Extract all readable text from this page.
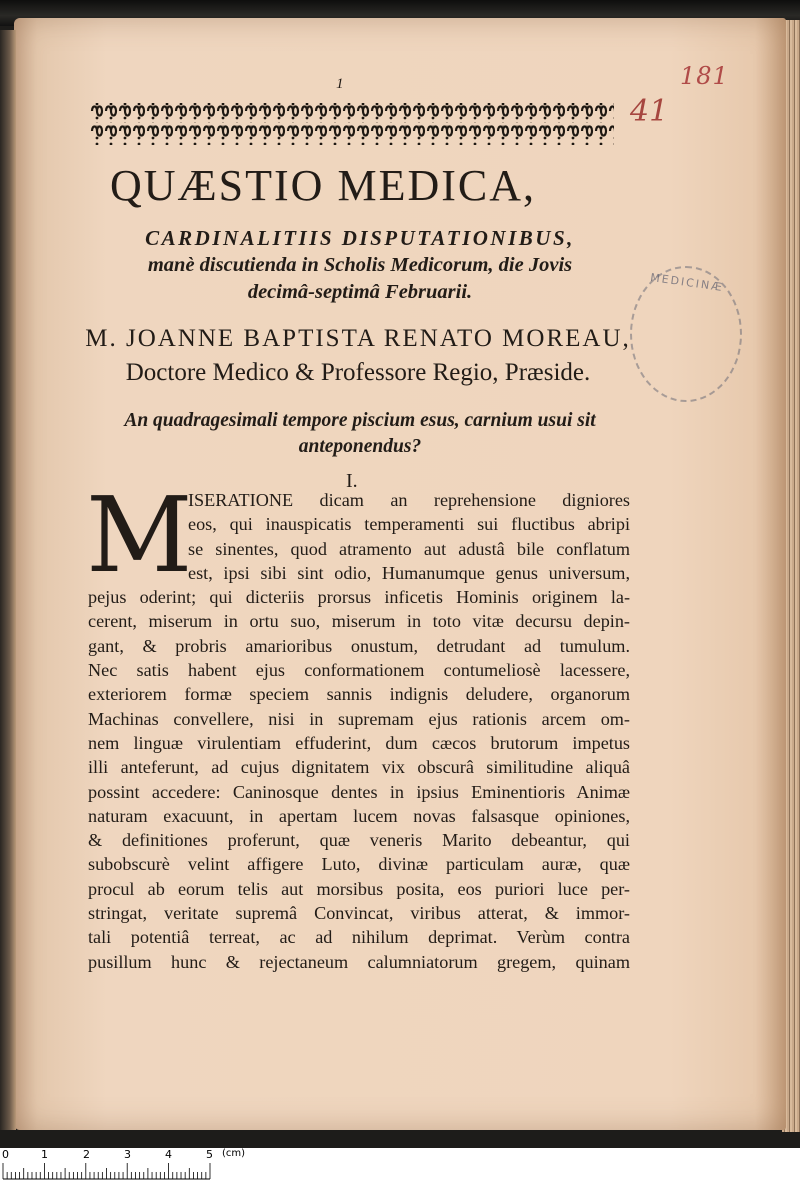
1	181
41
QUÆSTIO MEDICA,
CARDINALITIIS DISPUTATIONIBUS,
manè discutienda in Scholis Medicorum, die Jovis
decimâ-septimâ Februarii.
M. JOANNE BAPTISTA RENATO MOREAU,
Doctore Medico & Professore Regio, Præside.
An quadragesimali tempore piscium esus, carnium usui sit
anteponendus?
I.
M
ISERATIONE dicam an reprehensione digniores
eos, qui inauspicatis temperamenti sui fluctibus abripi
se sinentes, quod atramento aut adustâ bile conflatum
est, ipsi sibi sint odio, Humanumque genus universum,
pejus oderint; qui dicteriis prorsus inficetis Hominis originem la-
cerent, miserum in ortu suo, miserum in toto vitæ decursu depin-
gant, & probris amarioribus onustum, detrudant ad tumulum.
Nec satis habent ejus conformationem contumeliosè lacessere,
exteriorem formæ speciem sannis indignis deludere, organorum
Machinas convellere, nisi in supremam ejus rationis arcem om-
nem linguæ virulentiam effuderint, dum cæcos brutorum impetus
illi anteferunt, ad cujus dignitatem vix obscurâ similitudine aliquâ
possint accedere: Caninosque dentes in ipsius Eminentioris Animæ
naturam exacuunt, in apertam lucem novas falsasque opiniones,
& definitiones proferunt, quæ veneris Marito debeantur, qui
subobscurè velint affigere Luto, divinæ particulam auræ, quæ
procul ab eorum telis aut morsibus posita, eos puriori luce per-
stringat, veritate supremâ Convincat, viribus atterat, & immor-
tali potentiâ terreat, ac ad nihilum deprimat. Verùm contra
pusillum hunc & rejectaneum calumniatorum gregem, quinam
MEDICINÆ
0	1	2	3	4	5 (cm)
